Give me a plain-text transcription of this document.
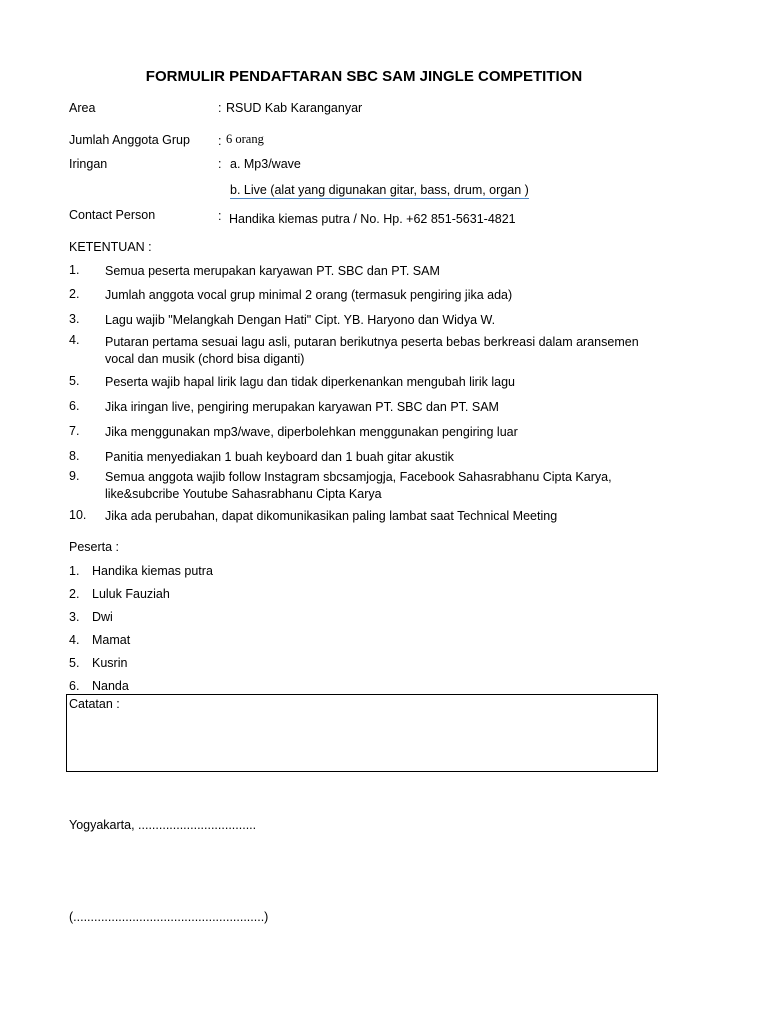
FORMULIR PENDAFTARAN SBC SAM JINGLE COMPETITION
Area	: RSUD Kab Karanganyar
Jumlah Anggota Grup : 6 orang
Iringan	: a. Mp3/wave
b. Live (alat yang digunakan gitar, bass, drum, organ )
Contact Person	: Handika kiemas putra / No. Hp. +62 851-5631-4821
KETENTUAN :
1. Semua peserta merupakan karyawan PT. SBC dan PT. SAM
2. Jumlah anggota vocal grup minimal 2 orang (termasuk pengiring jika ada)
3. Lagu wajib "Melangkah Dengan Hati" Cipt. YB. Haryono dan Widya W.
4. Putaran pertama sesuai lagu asli, putaran berikutnya peserta bebas berkreasi dalam aransemen vocal dan musik (chord bisa diganti)
5. Peserta wajib hapal lirik lagu dan tidak diperkenankan mengubah lirik lagu
6. Jika iringan live, pengiring merupakan karyawan PT. SBC dan PT. SAM
7. Jika menggunakan mp3/wave, diperbolehkan menggunakan pengiring luar
8. Panitia menyediakan 1 buah keyboard dan 1 buah gitar akustik
9. Semua anggota wajib follow Instagram sbcsamjogja, Facebook Sahasrabhanu Cipta Karya, like&subcribe Youtube Sahasrabhanu Cipta Karya
10. Jika ada perubahan, dapat dikomunikasikan paling lambat saat Technical Meeting
Peserta :
1. Handika kiemas putra
2. Luluk Fauziah
3. Dwi
4. Mamat
5. Kusrin
6. Nanda
Catatan :
Yogyakarta, ..................................
(.......................................................)
